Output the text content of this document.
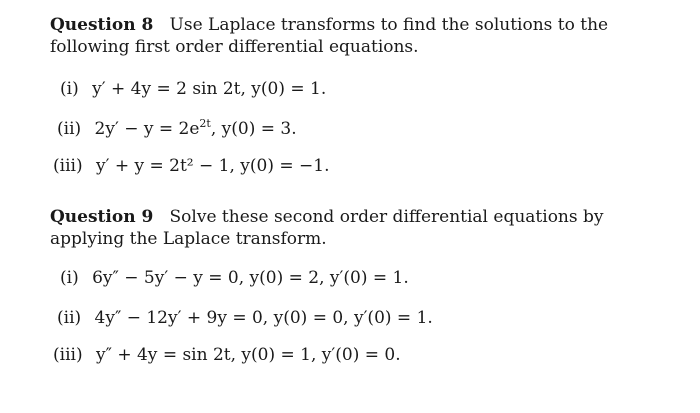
Question 8 Use Laplace transforms to find the solutions to the following first order differential equations.

(i) y′ + 4y = 2 sin 2t, y(0) = 1.
(ii) $2y' - y = 2e^{2t}$, y(0) = 3.
(iii) y′ + y = 2t² − 1, y(0) = −1.

Question 9 Solve these second order differential equations by applying the Laplace transform.

(i) 6y″ − 5y′ − y = 0, y(0) = 2, y′(0) = 1.
(ii) 4y″ − 12y′ + 9y = 0, y(0) = 0, y′(0) = 1.
(iii) y″ + 4y = sin 2t, y(0) = 1, y′(0) = 0.
